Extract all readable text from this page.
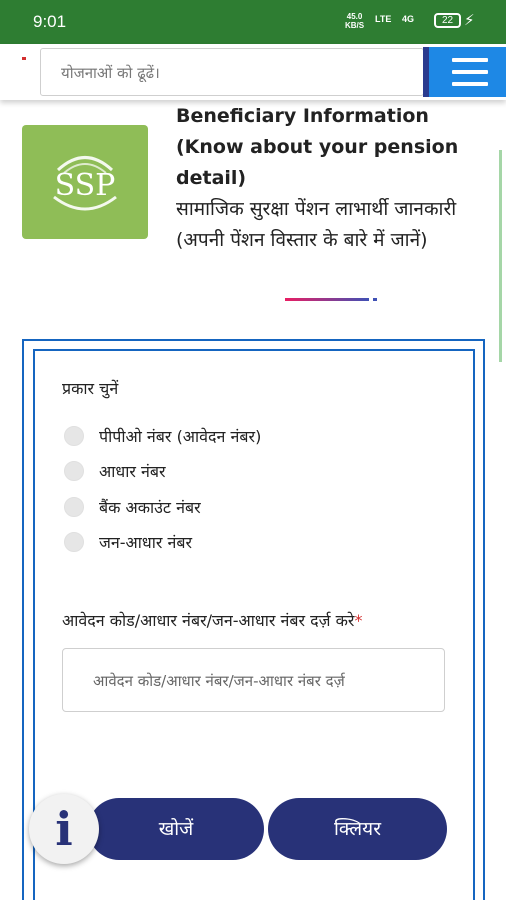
9:01	45.0
KB/S
LTE 4G	22 ⚡
योजनाओं को ढूढें।
SSP
Beneficiary Information (Know about your pension detail)
सामाजिक सुरक्षा पेंशन लाभार्थी जानकारी (अपनी पेंशन विस्तार के बारे में जानें)
प्रकार चुनें
पीपीओ नंबर (आवेदन नंबर)
आधार नंबर
बैंक अकाउंट नंबर
जन-आधार नंबर
आवेदन कोड/आधार नंबर/जन-आधार नंबर दर्ज़ करे*
आवेदन कोड/आधार नंबर/जन-आधार नंबर दर्ज़
खोजें	क्लियर
i
